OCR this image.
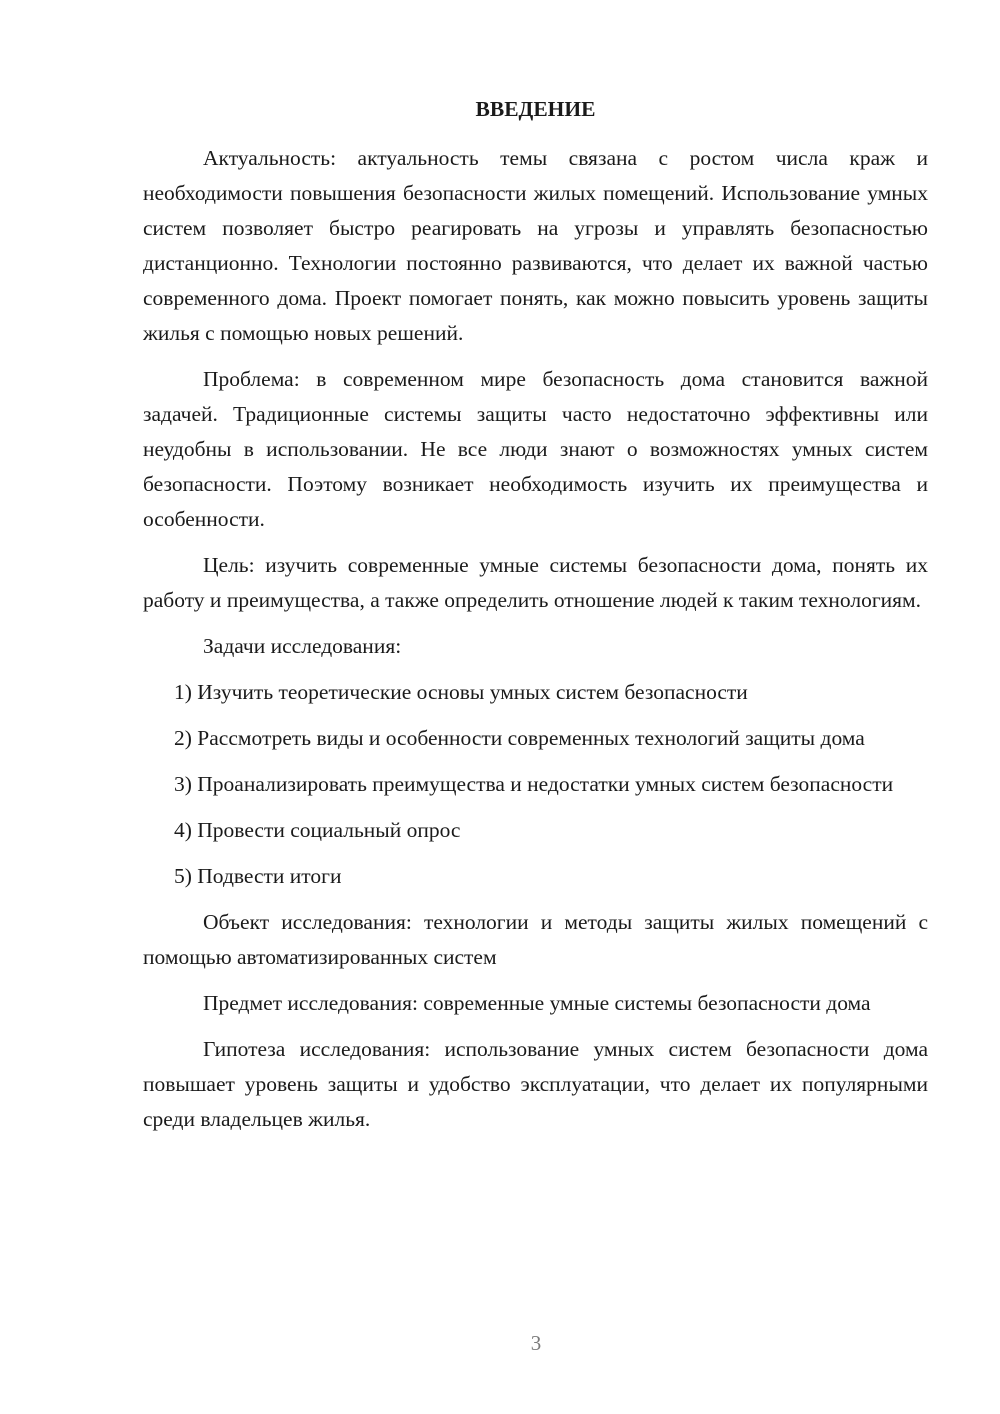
ВВЕДЕНИЕ

Актуальность: актуальность темы связана с ростом числа краж и необходимости повышения безопасности жилых помещений. Использование умных систем позволяет быстро реагировать на угрозы и управлять безопасностью дистанционно. Технологии постоянно развиваются, что делает их важной частью современного дома. Проект помогает понять, как можно повысить уровень защиты жилья с помощью новых решений.

Проблема: в современном мире безопасность дома становится важной задачей. Традиционные системы защиты часто недостаточно эффективны или неудобны в использовании. Не все люди знают о возможностях умных систем безопасности. Поэтому возникает необходимость изучить их преимущества и особенности.

Цель: изучить современные умные системы безопасности дома, понять их работу и преимущества, а также определить отношение людей к таким технологиям.

Задачи исследования:

1) Изучить теоретические основы умных систем безопасности

2) Рассмотреть виды и особенности современных технологий защиты дома

3) Проанализировать преимущества и недостатки умных систем безопасности

4) Провести социальный опрос

5) Подвести итоги

Объект исследования: технологии и методы защиты жилых помещений с помощью автоматизированных систем

Предмет исследования: современные умные системы безопасности дома

Гипотеза исследования: использование умных систем безопасности дома повышает уровень защиты и удобство эксплуатации, что делает их популярными среди владельцев жилья.

3
